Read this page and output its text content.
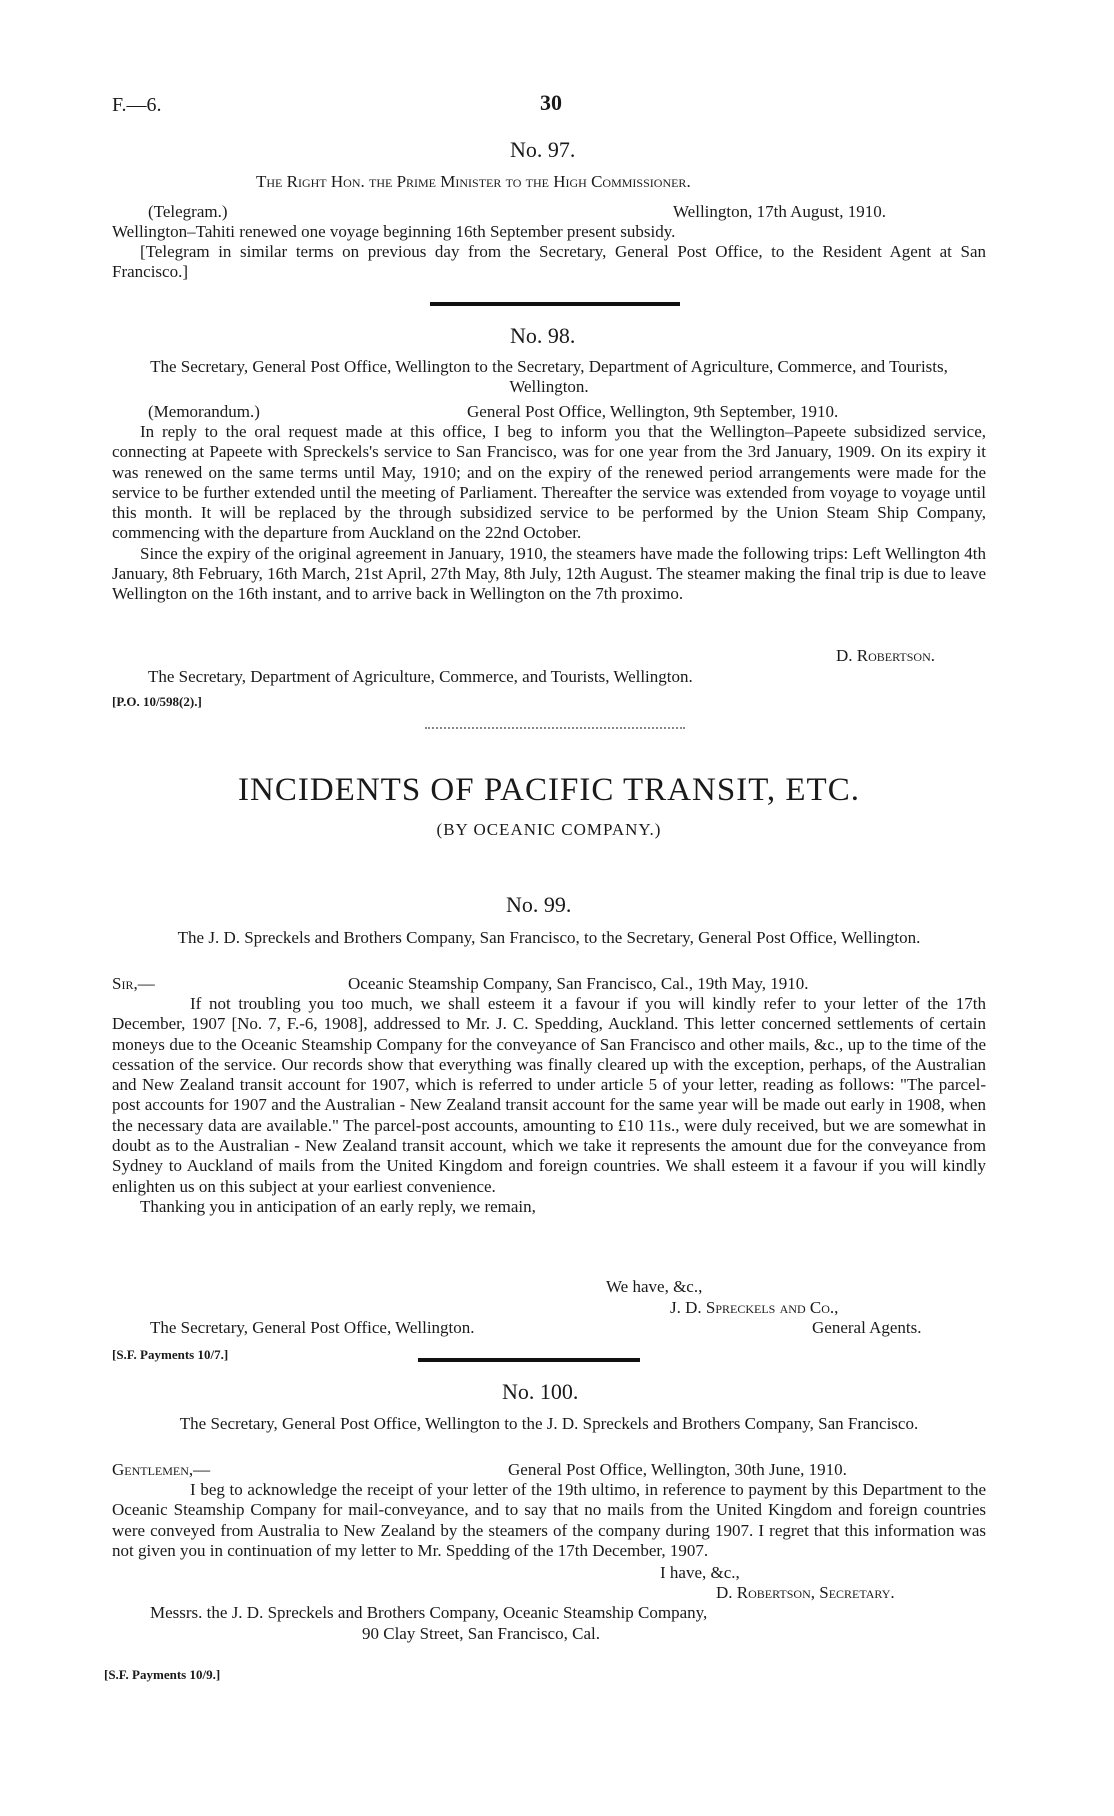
F.—6.	30
No. 97.
The Right Hon. the Prime Minister to the High Commissioner.
(Telegram.)	Wellington, 17th August, 1910.
Wellington–Tahiti renewed one voyage beginning 16th September present subsidy.

[Telegram in similar terms on previous day from the Secretary, General Post Office, to the Resident Agent at San Francisco.]

No. 98.
The Secretary, General Post Office, Wellington to the Secretary, Department of Agriculture, Commerce, and Tourists, Wellington.
(Memorandum.)	General Post Office, Wellington, 9th September, 1910.

In reply to the oral request made at this office, I beg to inform you that the Wellington–Papeete subsidized service, connecting at Papeete with Spreckels's service to San Francisco, was for one year from the 3rd January, 1909. On its expiry it was renewed on the same terms until May, 1910; and on the expiry of the renewed period arrangements were made for the service to be further extended until the meeting of Parliament. Thereafter the service was extended from voyage to voyage until this month. It will be replaced by the through subsidized service to be performed by the Union Steam Ship Company, commencing with the departure from Auckland on the 22nd October.

Since the expiry of the original agreement in January, 1910, the steamers have made the following trips: Left Wellington 4th January, 8th February, 16th March, 21st April, 27th May, 8th July, 12th August. The steamer making the final trip is due to leave Wellington on the 16th instant, and to arrive back in Wellington on the 7th proximo.

D. Robertson.
The Secretary, Department of Agriculture, Commerce, and Tourists, Wellington.
[P.O. 10/598(2).]
INCIDENTS OF PACIFIC TRANSIT, ETC.
(BY OCEANIC COMPANY.)
No. 99.
The J. D. Spreckels and Brothers Company, San Francisco, to the Secretary, General Post Office, Wellington.
Sir,—	Oceanic Steamship Company, San Francisco, Cal., 19th May, 1910.

If not troubling you too much, we shall esteem it a favour if you will kindly refer to your letter of the 17th December, 1907 [No. 7, F.-6, 1908], addressed to Mr. J. C. Spedding, Auckland. This letter concerned settlements of certain moneys due to the Oceanic Steamship Company for the conveyance of San Francisco and other mails, &c., up to the time of the cessation of the service. Our records show that everything was finally cleared up with the exception, perhaps, of the Australian and New Zealand transit account for 1907, which is referred to under article 5 of your letter, reading as follows: "The parcel-post accounts for 1907 and the Australian - New Zealand transit account for the same year will be made out early in 1908, when the necessary data are available." The parcel-post accounts, amounting to £10 11s., were duly received, but we are somewhat in doubt as to the Australian - New Zealand transit account, which we take it represents the amount due for the conveyance from Sydney to Auckland of mails from the United Kingdom and foreign countries. We shall esteem it a favour if you will kindly enlighten us on this subject at your earliest convenience.

Thanking you in anticipation of an early reply, we remain,

We have, &c.,
J. D. Spreckels and Co.,
The Secretary, General Post Office, Wellington.	General Agents.
[S.F. Payments 10/7.]
No. 100.
The Secretary, General Post Office, Wellington to the J. D. Spreckels and Brothers Company, San Francisco.
Gentlemen,—	General Post Office, Wellington, 30th June, 1910.

I beg to acknowledge the receipt of your letter of the 19th ultimo, in reference to payment by this Department to the Oceanic Steamship Company for mail-conveyance, and to say that no mails from the United Kingdom and foreign countries were conveyed from Australia to New Zealand by the steamers of the company during 1907. I regret that this information was not given you in continuation of my letter to Mr. Spedding of the 17th December, 1907.

I have, &c.,
D. Robertson, Secretary.
Messrs. the J. D. Spreckels and Brothers Company, Oceanic Steamship Company,
90 Clay Street, San Francisco, Cal.
[S.F. Payments 10/9.]
